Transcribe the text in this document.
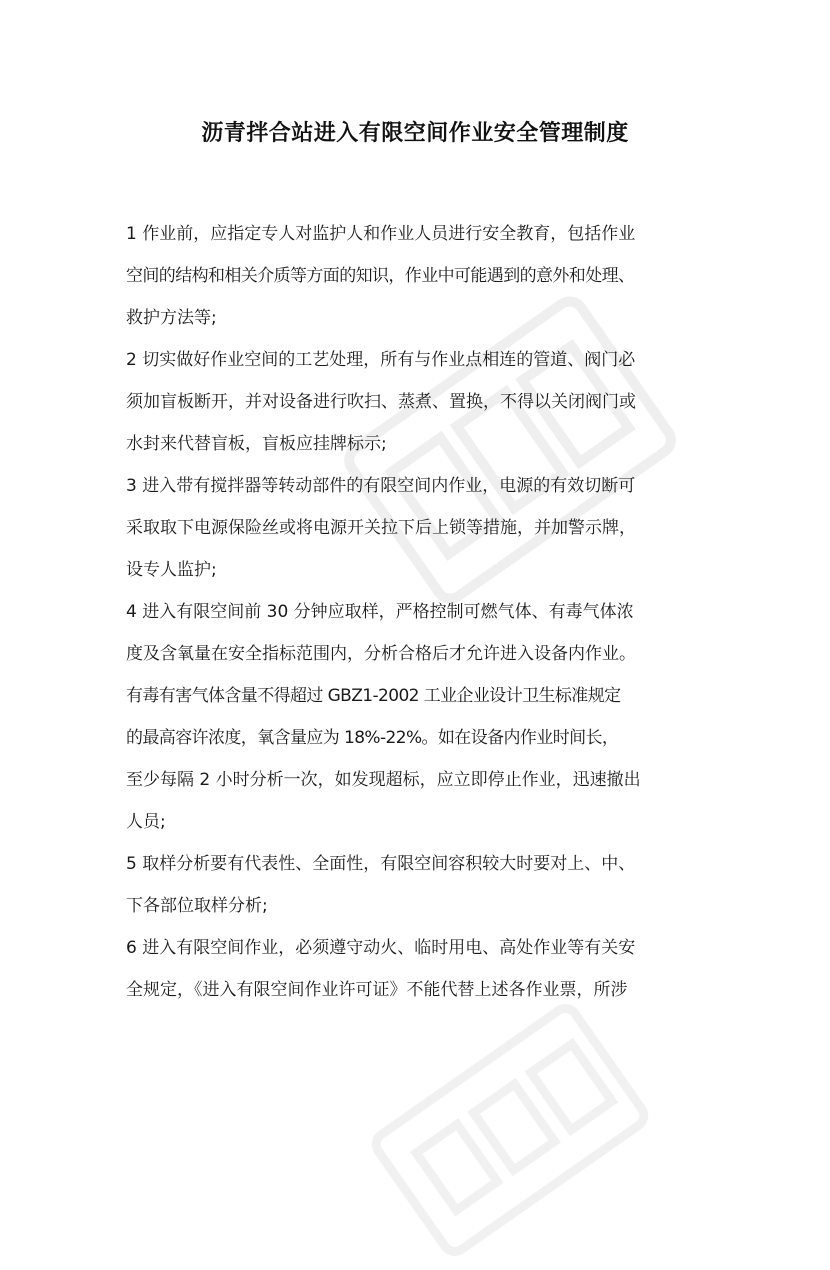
沥青拌合站进入有限空间作业安全管理制度
1 作业前，应指定专人对监护人和作业人员进行安全教育，包括作业
空间的结构和相关介质等方面的知识，作业中可能遇到的意外和处理、
救护方法等;
2 切实做好作业空间的工艺处理，所有与作业点相连的管道、阀门必
须加盲板断开，并对设备进行吹扫、蒸煮、置换，不得以关闭阀门或
水封来代替盲板，盲板应挂牌标示;
3 进入带有搅拌器等转动部件的有限空间内作业，电源的有效切断可
采取取下电源保险丝或将电源开关拉下后上锁等措施，并加警示牌，
设专人监护;
4 进入有限空间前 30 分钟应取样，严格控制可燃气体、有毒气体浓
度及含氧量在安全指标范围内，分析合格后才允许进入设备内作业。
有毒有害气体含量不得超过 GBZ1-2002 工业企业设计卫生标准规定
的最高容许浓度，氧含量应为 18%-22%。如在设备内作业时间长，
至少每隔 2 小时分析一次，如发现超标，应立即停止作业，迅速撤出
人员;
5 取样分析要有代表性、全面性，有限空间容积较大时要对上、中、
下各部位取样分析;
6 进入有限空间作业，必须遵守动火、临时用电、高处作业等有关安
全规定，《进入有限空间作业许可证》不能代替上述各作业票，所涉
